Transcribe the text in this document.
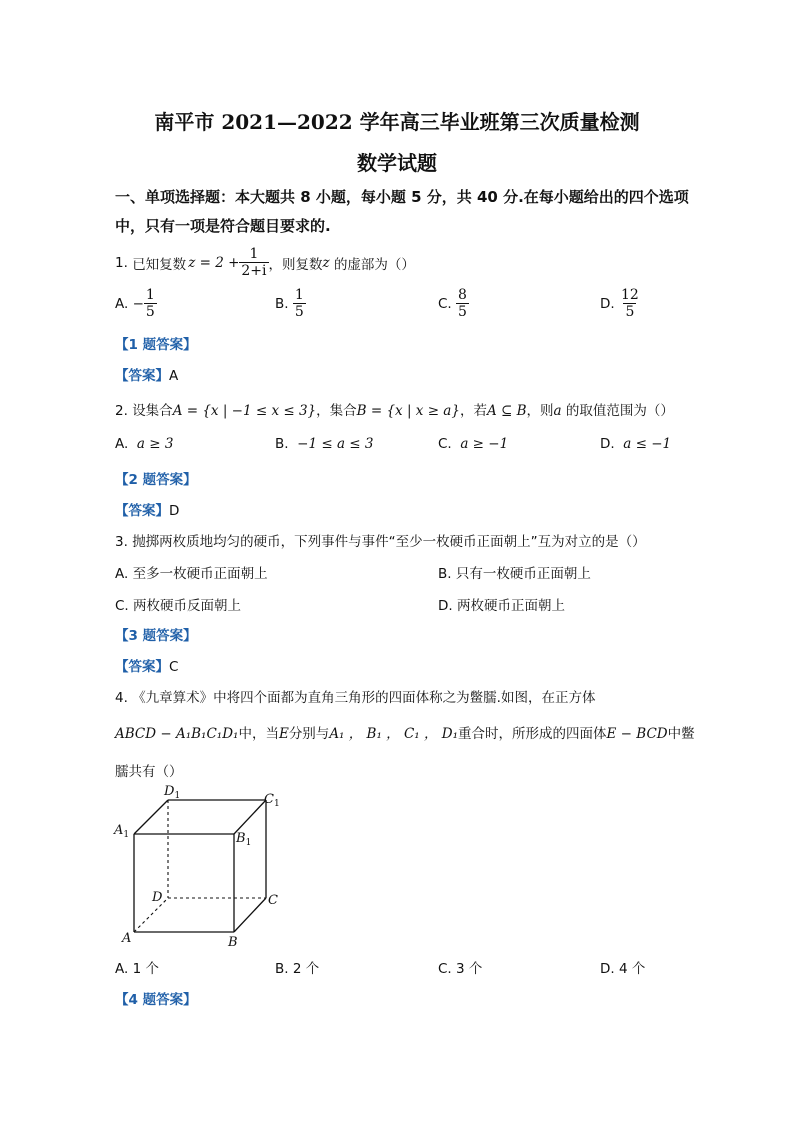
南平市 2021—2022 学年高三毕业班第三次质量检测
数学试题
一、单项选择题：本大题共 8 小题，每小题 5 分，共 40 分.在每小题给出的四个选项
中，只有一项是符合题目要求的.
1.
已知复数 $z = 2 + \frac{1}{2+i}$ ，则复数 z
的虚部为（）
A.
− $\frac{1}{5}$	B.
$\frac{1}{5}$	C.
$\frac{8}{5}$	D.
$\frac{12}{5}$
【1 题答案】
【答案】A
2. 设集合A = {x | −1 ≤ x ≤ 3}，集合B = {x | x ≥ a}，若A ⊆ B，则a 的取值范围为（）
A. a ≥ 3	B. −1 ≤ a ≤ 3	C. a ≥ −1	D. a ≤ −1
【2 题答案】
【答案】D
3. 抛掷两枚质地均匀的硬币，下列事件与事件“至少一枚硬币正面朝上”互为对立的是（）
A. 至多一枚硬币正面朝上	B. 只有一枚硬币正面朝上
C. 两枚硬币反面朝上	D. 两枚硬币正面朝上
【3 题答案】
【答案】C
4. 《九章算术》中将四个面都为直角三角形的四面体称之为鳖臑.如图，在正方体
ABCD − A₁B₁C₁D₁中，当E分别与A₁ ， B₁ ， C₁ ， D₁重合时，所形成的四面体E − BCD中鳖
臑共有（）
$D_1$	$C_1$
$A_1$	$B_1$
D	C
A	B
A. 1 个	B. 2 个	C. 3 个	D. 4 个
【4 题答案】
